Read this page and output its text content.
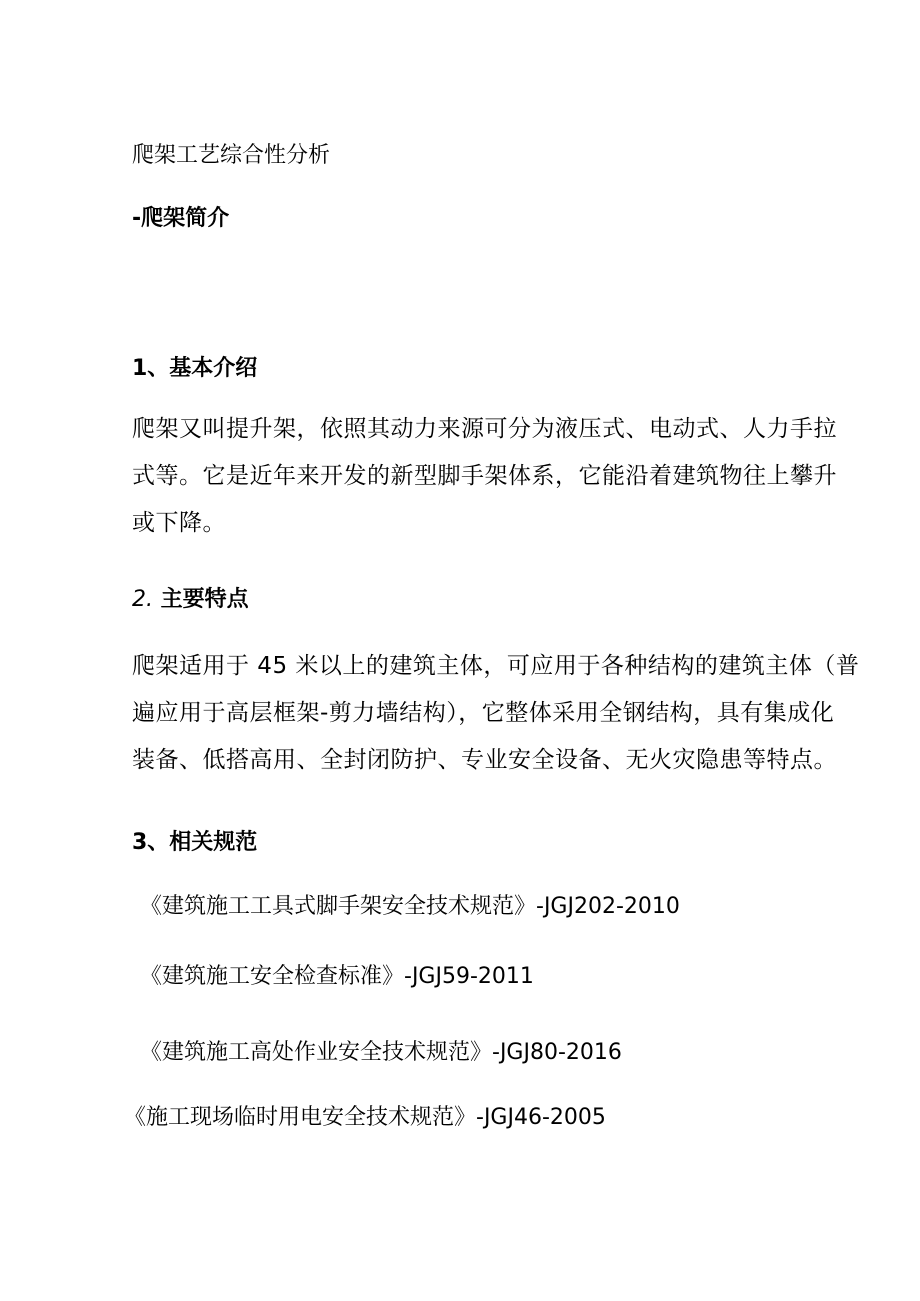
爬架工艺综合性分析
-爬架简介
1、基本介绍
爬架又叫提升架，依照其动力来源可分为液压式、电动式、人力手拉
式等。它是近年来开发的新型脚手架体系，它能沿着建筑物往上攀升
或下降。
2. 主要特点
爬架适用于 45 米以上的建筑主体，可应用于各种结构的建筑主体（普
遍应用于高层框架-剪力墙结构），它整体采用全钢结构，具有集成化
装备、低搭高用、全封闭防护、专业安全设备、无火灾隐患等特点。
3、相关规范
《建筑施工工具式脚手架安全技术规范》-JGJ202-2010
《建筑施工安全检查标准》-JGJ59-2011
《建筑施工高处作业安全技术规范》-JGJ80-2016
《施工现场临时用电安全技术规范》-JGJ46-2005
